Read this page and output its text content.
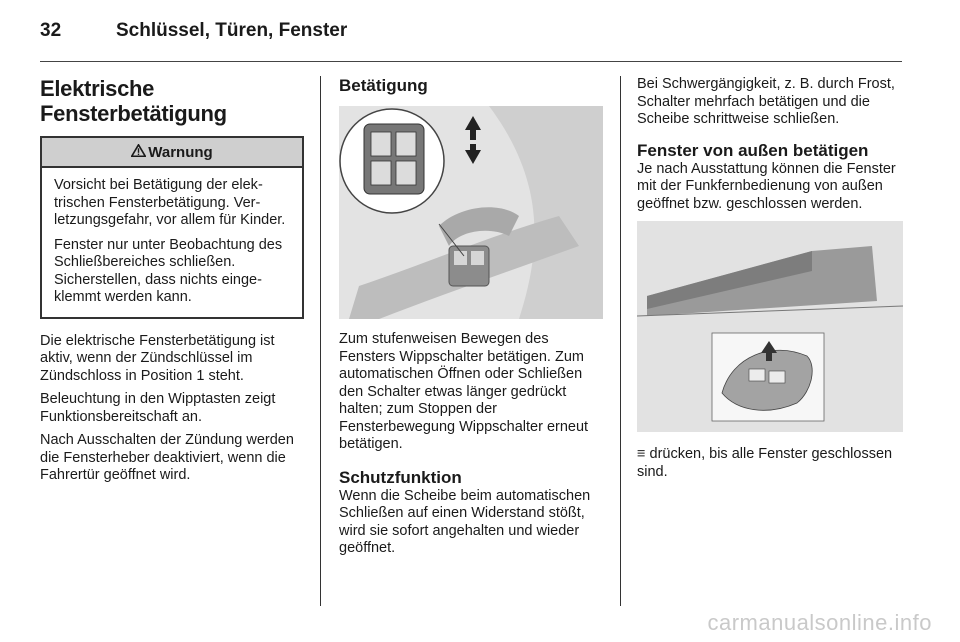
32	Schlüssel, Türen, Fenster
Elektrische
Fensterbetätigung
Warnung

Vorsicht bei Betätigung der elektrischen Fensterbetätigung. Verletzungsgefahr, vor allem für Kinder.

Fenster nur unter Beobachtung des Schließbereiches schließen. Sicherstellen, dass nichts eingeklemmt werden kann.

Die elektrische Fensterbetätigung ist aktiv, wenn der Zündschlüssel im Zündschloss in Position 1 steht.

Beleuchtung in den Wipptasten zeigt Funktionsbereitschaft an.

Nach Ausschalten der Zündung werden die Fensterheber deaktiviert, wenn die Fahrertür geöffnet wird.

Betätigung

Zum stufenweisen Bewegen des Fensters Wippschalter betätigen. Zum automatischen Öffnen oder Schließen den Schalter etwas länger gedrückt halten; zum Stoppen der Fensterbewegung Wippschalter erneut betätigen.

Schutzfunktion

Wenn die Scheibe beim automatischen Schließen auf einen Widerstand stößt, wird sie sofort angehalten und wieder geöffnet.

Bei Schwergängigkeit, z. B. durch Frost, Schalter mehrfach betätigen und die Scheibe schrittweise schließen.

Fenster von außen betätigen

Je nach Ausstattung können die Fenster mit der Funkfernbedienung von außen geöffnet bzw. geschlossen werden.

≡ drücken, bis alle Fenster geschlossen sind.

carmanualsonline.info
